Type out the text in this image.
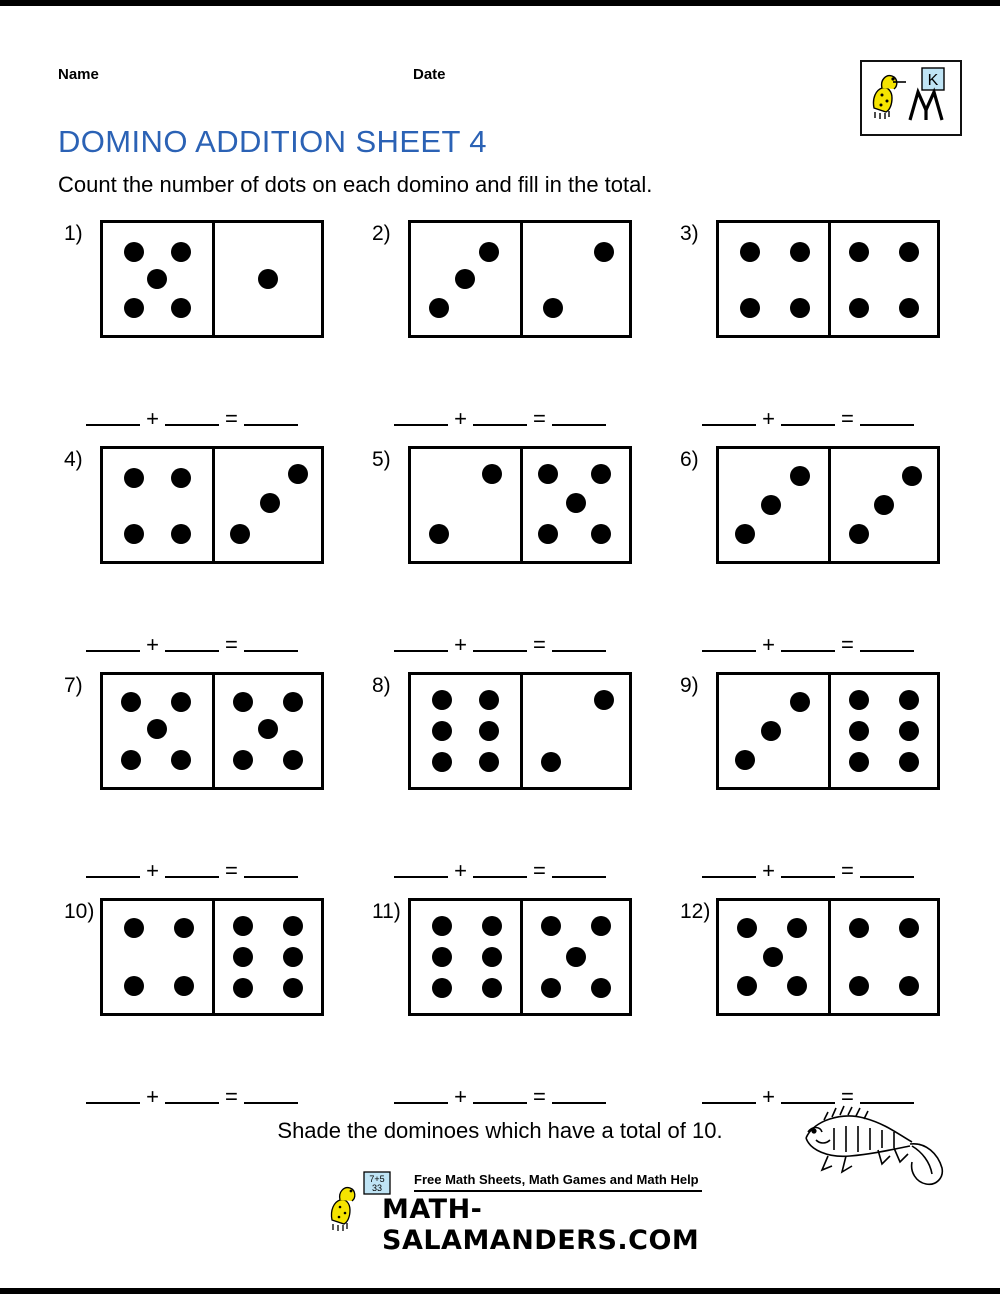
Name	Date	K
DOMINO ADDITION SHEET 4
Count the number of dots on each domino and fill in the total.
1)
+	=
2)
+	=
3)
+	=
4)
+	=
5)
+	=
6)
+	=
7)
+	=
8)
+	=
9)
+	=
10)
+	=
11)
+	=
12)
+	=
Shade the dominoes which have a total of 10.
7+5
33
Free Math Sheets, Math Games and Math Help
MATH-SALAMANDERS.COM
